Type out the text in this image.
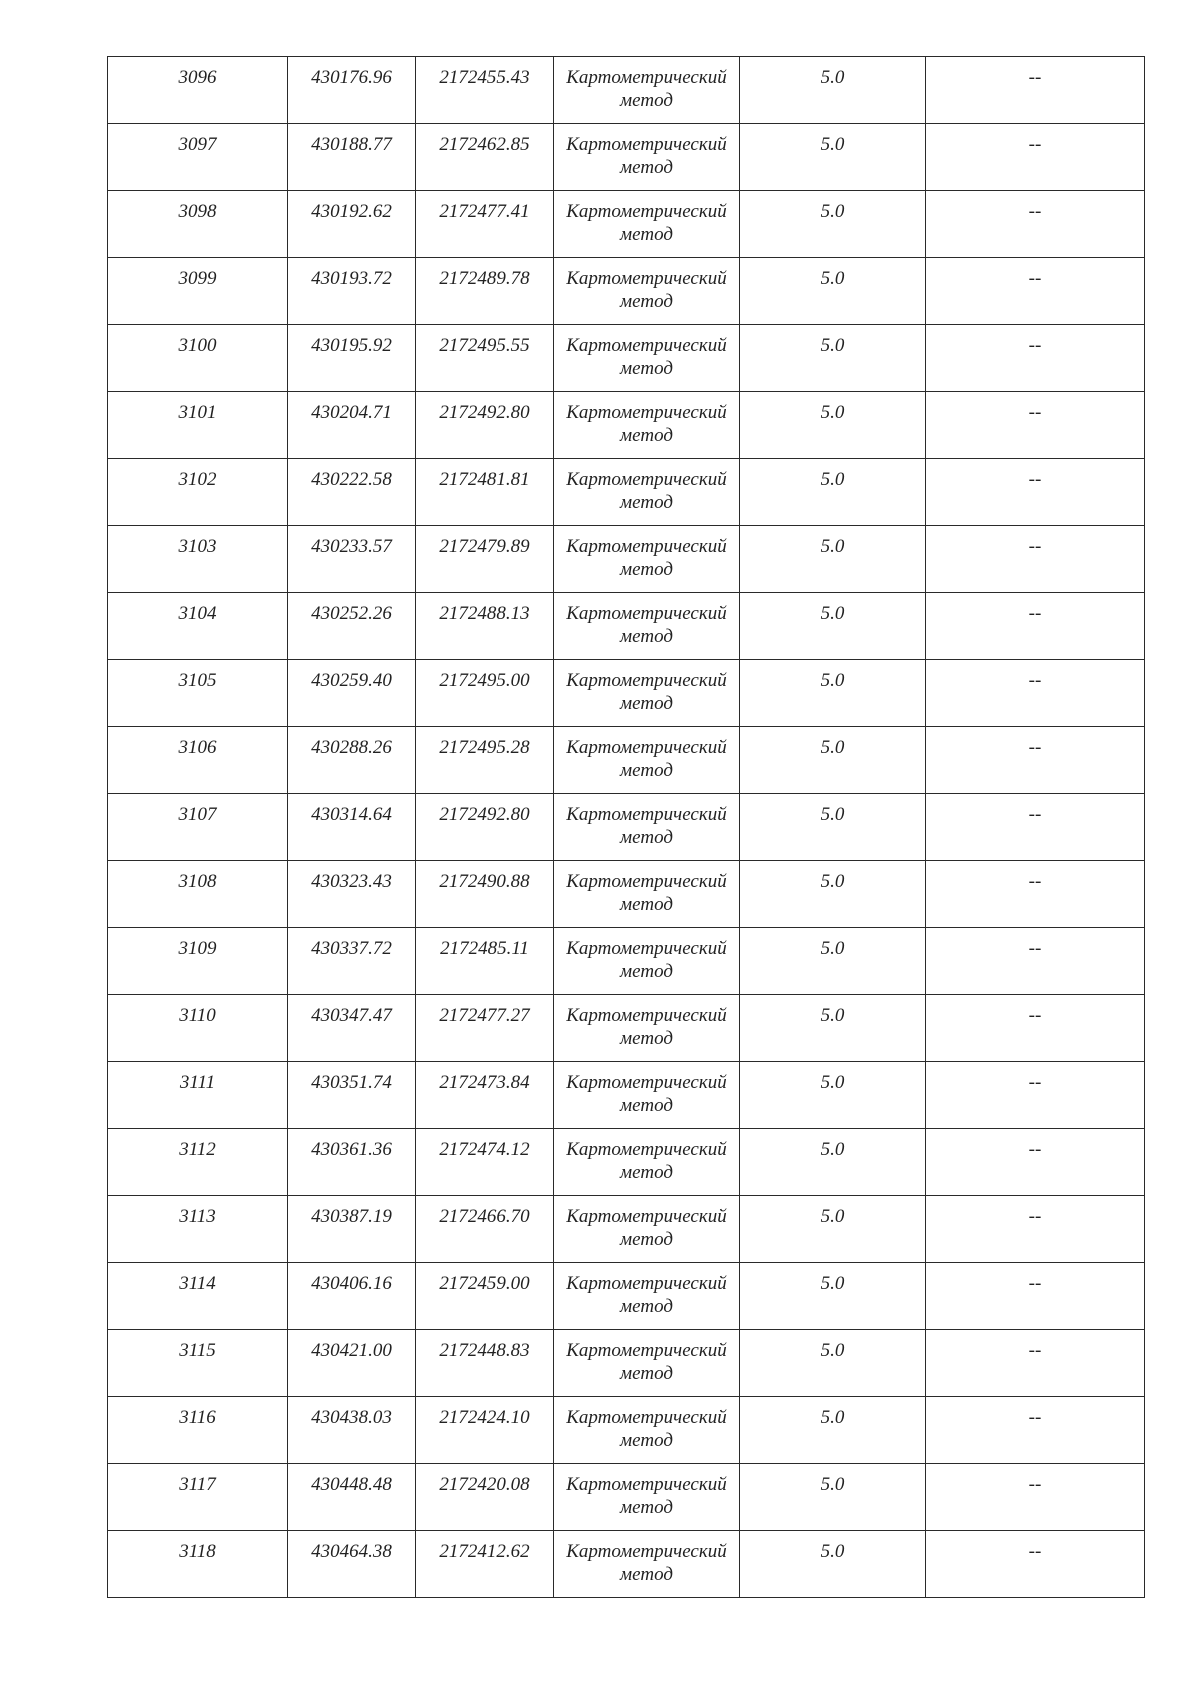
3096	430176.96	2172455.43	Картометрический
метод	5.0	--

3097	430188.77	2172462.85	Картометрический
метод	5.0	--

3098	430192.62	2172477.41	Картометрический
метод	5.0	--

3099	430193.72	2172489.78	Картометрический
метод	5.0	--

3100	430195.92	2172495.55	Картометрический
метод	5.0	--

3101	430204.71	2172492.80	Картометрический
метод	5.0	--

3102	430222.58	2172481.81	Картометрический
метод	5.0	--

3103	430233.57	2172479.89	Картометрический
метод	5.0	--

3104	430252.26	2172488.13	Картометрический
метод	5.0	--

3105	430259.40	2172495.00	Картометрический
метод	5.0	--

3106	430288.26	2172495.28	Картометрический
метод	5.0	--

3107	430314.64	2172492.80	Картометрический
метод	5.0	--

3108	430323.43	2172490.88	Картометрический
метод	5.0	--

3109	430337.72	2172485.11	Картометрический
метод	5.0	--

3110	430347.47	2172477.27	Картометрический
метод	5.0	--

3111	430351.74	2172473.84	Картометрический
метод	5.0	--

3112	430361.36	2172474.12	Картометрический
метод	5.0	--

3113	430387.19	2172466.70	Картометрический
метод	5.0	--

3114	430406.16	2172459.00	Картометрический
метод	5.0	--

3115	430421.00	2172448.83	Картометрический
метод	5.0	--

3116	430438.03	2172424.10	Картометрический
метод	5.0	--

3117	430448.48	2172420.08	Картометрический
метод	5.0	--

3118	430464.38	2172412.62	Картометрический
метод	5.0	--
